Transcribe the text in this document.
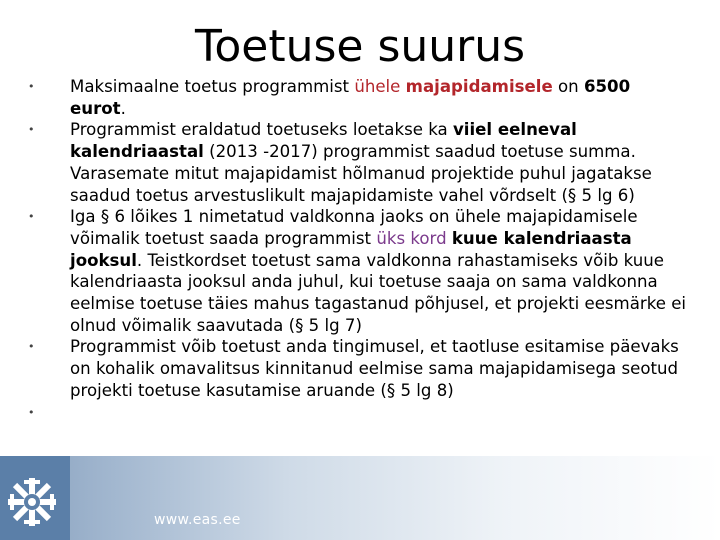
Toetuse suurus
•	Maksimaalne toetus programmist ühele majapidamisele on 6500 eurot.
•	Programmist eraldatud toetuseks loetakse ka viiel eelneval kalendriaastal (2013 -2017) programmist saadud toetuse summa. Varasemate mitut majapidamist hõlmanud projektide puhul jagatakse saadud toetus arvestuslikult majapidamiste vahel võrdselt (§ 5 lg 6)
•	Iga § 6 lõikes 1 nimetatud valdkonna jaoks on ühele majapidamisele võimalik toetust saada programmist üks kord kuue kalendriaasta jooksul. Teistkordset toetust sama valdkonna rahastamiseks võib kuue kalendriaasta jooksul anda juhul, kui toetuse saaja on sama valdkonna eelmise toetuse täies mahus tagastanud põhjusel, et projekti eesmärke ei olnud võimalik saavutada (§ 5 lg 7)
•	Programmist võib toetust anda tingimusel, et taotluse esitamise päevaks on kohalik omavalitsus kinnitanud eelmise sama majapidamisega seotud projekti toetuse kasutamise aruande (§ 5 lg 8)
•
www.eas.ee
